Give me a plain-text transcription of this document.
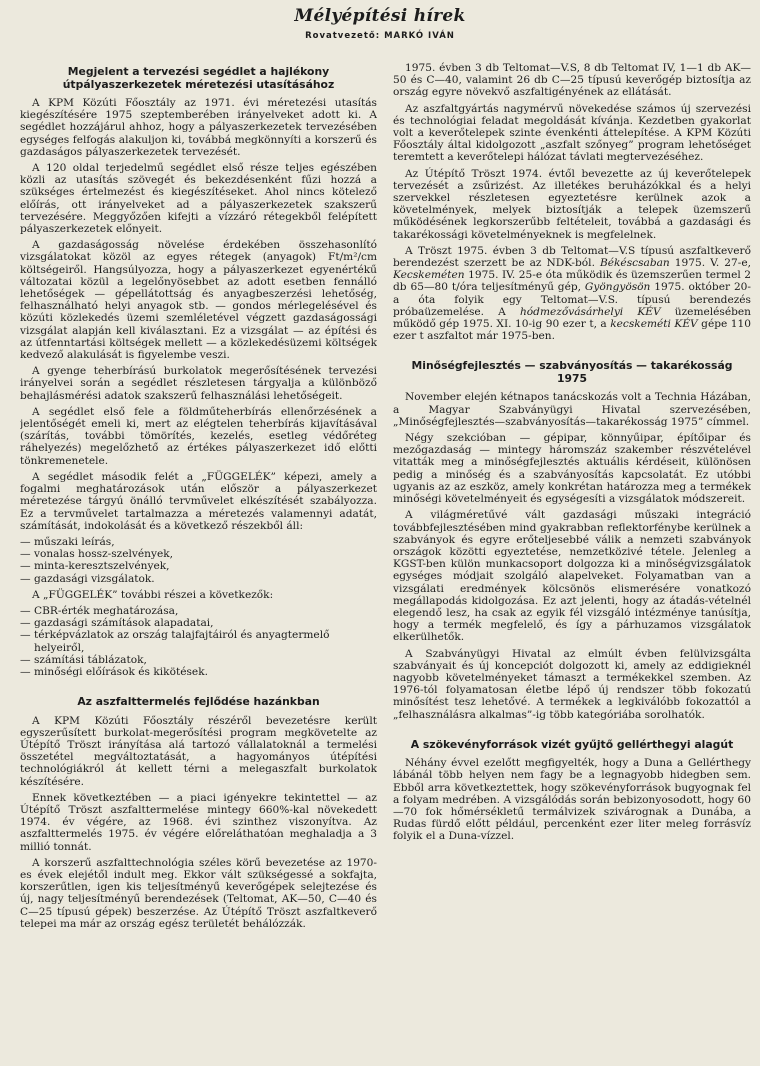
Mélyépítési hírek
Rovatvezető: MARKÓ IVÁN
Megjelent a tervezési segédlet a hajlékony útpályaszerkezetek méretezési utasításához

A KPM Közúti Főosztály az 1971. évi méretezési utasítás kiegészítésére 1975 szeptemberében irányelveket adott ki. A segédlet hozzájárul ahhoz, hogy a pályaszerkezetek tervezésében egységes felfogás alakuljon ki, továbbá megkönnyíti a korszerű és gazdaságos pályaszerkezetek tervezését.

A 120 oldal terjedelmű segédlet első része teljes egészében közli az utasítás szövegét és bekezdésenként fűzi hozzá a szükséges értelmezést és kiegészítéseket. Ahol nincs kötelező előírás, ott irányelveket ad a pályaszerkezetek szakszerű tervezésére. Meggyőzően kifejti a vízzáró rétegekből felépített pályaszerkezetek előnyeit.

A gazdaságosság növelése érdekében összehasonlító vizsgálatokat közöl az egyes rétegek (anyagok) Ft/m²/cm költségeiről. Hangsúlyozza, hogy a pályaszerkezet egyenértékű változatai közül a legelőnyösebbet az adott esetben fennálló lehetőségek — gépellátottság és anyagbeszerzési lehetőség, felhasználható helyi anyagok stb. — gondos mérlegelésével és közúti közlekedés üzemi szemléletével végzett gazdaságossági vizsgálat alapján kell kiválasztani. Ez a vizsgálat — az építési és az útfenntartási költségek mellett — a közlekedésüzemi költségek kedvező alakulását is figyelembe veszi.

A gyenge teherbírású burkolatok megerősítésének tervezési irányelvei során a segédlet részletesen tárgyalja a különböző behajlásmérési adatok szakszerű felhasználási lehetőségeit.

A segédlet első fele a földműteherbírás ellenőrzésének a jelentőségét emeli ki, mert az elégtelen teherbírás kijavításával (szárítás, további tömörítés, kezelés, esetleg védőréteg ráhelyezés) megelőzhető az értékes pályaszerkezet idő előtti tönkremenetele.

A segédlet második felét a „FÜGGELÉK” képezi, amely a fogalmi meghatározások után először a pályaszerkezet méretezése tárgyú önálló tervművelet elkészítését szabályozza. Ez a tervművelet tartalmazza a méretezés valamennyi adatát, számítását, indokolását és a következő részekből áll:

— műszaki leírás,
— vonalas hossz-szelvények,
— minta-keresztszelvények,
— gazdasági vizsgálatok.

A „FÜGGELÉK” további részei a következők:

— CBR-érték meghatározása,
— gazdasági számítások alapadatai,
— térképvázlatok az ország talajfajtáiról és anyagtermelő helyeiről,
— számítási táblázatok,
— minőségi előírások és kikötések.
Az aszfalttermelés fejlődése hazánkban

A KPM Közúti Főosztály részéről bevezetésre került egyszerűsített burkolat-megerősítési program megkövetelte az Útépítő Tröszt irányítása alá tartozó vállalatoknál a termelési összetétel megváltoztatását, a hagyományos útépítési technológiákról át kellett térni a melegaszfalt burkolatok készítésére.

Ennek következtében — a piaci igényekre tekintettel — az Útépítő Tröszt aszfalttermelése mintegy 660%-kal növekedett 1974. év végére, az 1968. évi szinthez viszonyítva. Az aszfalttermelés 1975. év végére előreláthatóan meghaladja a 3 millió tonnát.

A korszerű aszfalttechnológia széles körű bevezetése az 1970-es évek elejétől indult meg. Ekkor vált szükségessé a sokfajta, korszerűtlen, igen kis teljesítményű keverőgépek selejtezése és új, nagy teljesítményű berendezések (Teltomat, AK—50, C—40 és C—25 típusú gépek) beszerzése. Az Útépítő Tröszt aszfaltkeverő telepei ma már az ország egész területét behálózzák.

1975. évben 3 db Teltomat—V.S, 8 db Teltomat IV, 1—1 db AK—50 és C—40, valamint 26 db C—25 típusú keverőgép biztosítja az ország egyre növekvő aszfaltigényének az ellátását.

Az aszfaltgyártás nagymérvű növekedése számos új szervezési és technológiai feladat megoldását kívánja. Kezdetben gyakorlat volt a keverőtelepek szinte évenkénti áttelepítése. A KPM Közúti Főosztály által kidolgozott „aszfalt szőnyeg” program lehetőséget teremtett a keverőtelepi hálózat távlati megtervezéséhez.

Az Útépítő Tröszt 1974. évtől bevezette az új keverőtelepek tervezését a zsűrizést. Az illetékes beruházókkal és a helyi szervekkel részletesen egyeztetésre kerülnek azok a követelmények, melyek biztosítják a telepek üzemszerű működésének legkorszerűbb feltételeit, továbbá a gazdasági és takarékossági követelményeknek is megfelelnek.

A Tröszt 1975. évben 3 db Teltomat—V.S típusú aszfaltkeverő berendezést szerzett be az NDK-ból. Békéscsaban 1975. V. 27-e, Kecskeméten 1975. IV. 25-e óta működik és üzemszerűen termel 2 db 65—80 t/óra teljesítményű gép, Gyöngyösön 1975. október 20-a óta folyik egy Teltomat—V.S. típusú berendezés próbaüzemelése. A hódmezővásárhelyi KÉV üzemelésében működő gép 1975. XI. 10-ig 90 ezer t, a kecskeméti KÉV gépe 110 ezer t aszfaltot már 1975-ben.

Minőségfejlesztés — szabványosítás — takarékosság 1975

November elején kétnapos tanácskozás volt a Technia Házában, a Magyar Szabványügyi Hivatal szervezésében, „Minőségfejlesztés—szabványosítás—takarékosság 1975” címmel.

Négy szekcióban — gépipar, könnyűipar, építőipar és mezőgazdaság — mintegy háromszáz szakember részvételével vitatták meg a minőségfejlesztés aktuális kérdéseit, különösen pedig a minőség és a szabványosítás kapcsolatát. Ez utóbbi ugyanis az az eszköz, amely konkrétan határozza meg a termékek minőségi követelményeit és egységesíti a vizsgálatok módszereit.

A világméretűvé vált gazdasági műszaki integráció továbbfejlesztésében mind gyakrabban reflektorfénybe kerülnek a szabványok és egyre erőteljesebbé válik a nemzeti szabványok országok közötti egyeztetése, nemzetközivé tétele. Jelenleg a KGST-ben külön munkacsoport dolgozza ki a minőségvizsgálatok egységes módjait szolgáló alapelveket. Folyamatban van a vizsgálati eredmények kölcsönös elismerésére vonatkozó megállapodás kidolgozása. Ez azt jelenti, hogy az átadás-vételnél elegendő lesz, ha csak az egyik fél vizsgáló intézménye tanúsítja, hogy a termék megfelelő, és így a párhuzamos vizsgálatok elkerülhetők.

A Szabványügyi Hivatal az elmúlt évben felülvizsgálta szabványait és új koncepciót dolgozott ki, amely az eddigieknél nagyobb követelményeket támaszt a termékekkel szemben. Az 1976-tól folyamatosan életbe lépő új rendszer több fokozatú minősítést tesz lehetővé. A termékek a legkiválóbb fokozattól a „felhasználásra alkalmas”-ig több kategóriába sorolhatók.

A szökevényforrások vizét gyűjtő gellérthegyi alagút

Néhány évvel ezelőtt megfigyelték, hogy a Duna a Gellérthegy lábánál több helyen nem fagy be a legnagyobb hidegben sem. Ebből arra következtettek, hogy szökevényforrások bugyognak fel a folyam medrében. A vizsgálódás során bebizonyosodott, hogy 60—70 fok hőmérsékletű termálvizek szivárognak a Dunába, a Rudas fürdő előtt például, percenként ezer liter meleg forrásvíz folyik el a Duna-vízzel.
